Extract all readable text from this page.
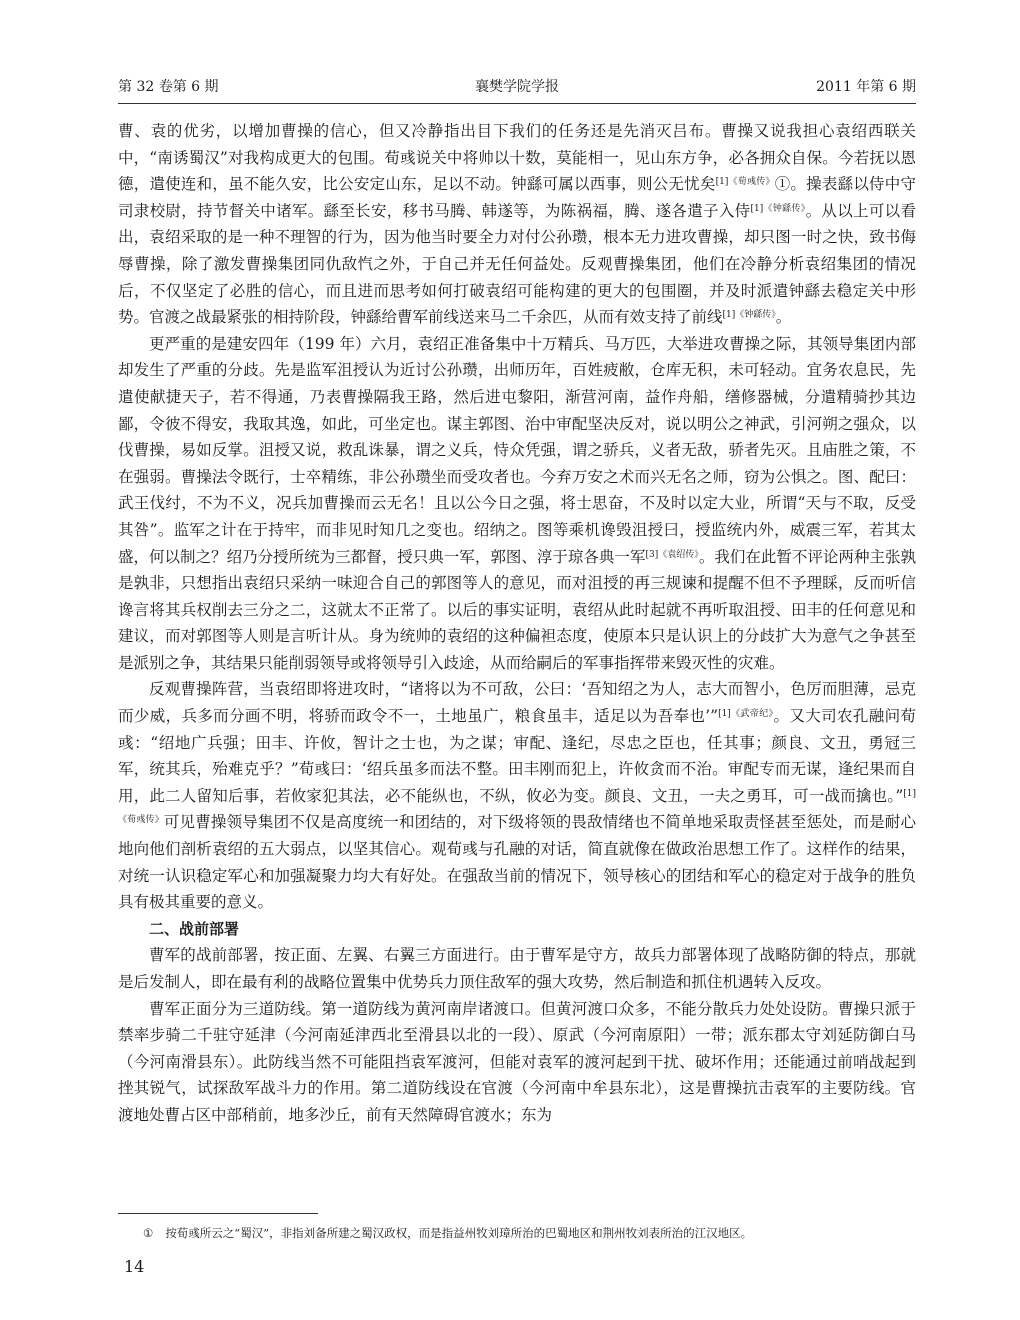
第 32 卷第 6 期	襄樊学院学报	2011 年第 6 期

曹、袁的优劣，以增加曹操的信心，但又冷静指出目下我们的任务还是先消灭吕布。曹操又说我担心袁绍西联关中，“南诱蜀汉”对我构成更大的包围。荀彧说关中将帅以十数，莫能相一，见山东方争，必各拥众自保。今若抚以恩德，遣使连和，虽不能久安，比公安定山东，足以不动。钟繇可属以西事，则公无忧矣$^{[1]《荀彧传》}$①。操表繇以侍中守司隶校尉，持节督关中诸军。繇至长安，移书马腾、韩遂等，为陈祸福，腾、遂各遣子入侍$^{[1]《钟繇传》}$。从以上可以看出，袁绍采取的是一种不理智的行为，因为他当时要全力对付公孙瓒，根本无力进攻曹操，却只图一时之快，致书侮辱曹操，除了激发曹操集团同仇敌忾之外，于自己并无任何益处。反观曹操集团，他们在冷静分析袁绍集团的情况后，不仅坚定了必胜的信心，而且进而思考如何打破袁绍可能构建的更大的包围圈，并及时派遣钟繇去稳定关中形势。官渡之战最紧张的相持阶段，钟繇给曹军前线送来马二千余匹，从而有效支持了前线$^{[1]《钟繇传》}$。

更严重的是建安四年（199 年）六月，袁绍正准备集中十万精兵、马万匹，大举进攻曹操之际，其领导集团内部却发生了严重的分歧。先是监军沮授认为近讨公孙瓒，出师历年，百姓疲敝，仓库无积，未可轻动。宜务农息民，先遣使献捷天子，若不得通，乃表曹操隔我王路，然后进屯黎阳，渐营河南，益作舟船，缮修器械，分遣精骑抄其边鄙，令彼不得安，我取其逸，如此，可坐定也。谋主郭图、治中审配坚决反对，说以明公之神武，引河朔之强众，以伐曹操，易如反掌。沮授又说，救乱诛暴，谓之义兵，恃众凭强，谓之骄兵，义者无敌，骄者先灭。且庙胜之策，不在强弱。曹操法令既行，士卒精练，非公孙瓒坐而受攻者也。今弃万安之术而兴无名之师，窃为公惧之。图、配曰：武王伐纣，不为不义，况兵加曹操而云无名！且以公今日之强，将士思奋，不及时以定大业，所谓“天与不取，反受其咎”。监军之计在于持牢，而非见时知几之变也。绍纳之。图等乘机谗毁沮授曰，授监统内外，威震三军，若其太盛，何以制之？绍乃分授所统为三都督，授只典一军，郭图、淳于琼各典一军$^{[3]《袁绍传》}$。我们在此暂不评论两种主张孰是孰非，只想指出袁绍只采纳一味迎合自己的郭图等人的意见，而对沮授的再三规谏和提醒不但不予理睬，反而听信谗言将其兵权削去三分之二，这就太不正常了。以后的事实证明，袁绍从此时起就不再听取沮授、田丰的任何意见和建议，而对郭图等人则是言听计从。身为统帅的袁绍的这种偏袒态度，使原本只是认识上的分歧扩大为意气之争甚至是派别之争，其结果只能削弱领导或将领导引入歧途，从而给嗣后的军事指挥带来毁灭性的灾难。

反观曹操阵营，当袁绍即将进攻时，“诸将以为不可敌，公曰：‘吾知绍之为人，志大而智小，色厉而胆薄，忌克而少威，兵多而分画不明，将骄而政令不一，土地虽广，粮食虽丰，适足以为吾奉也’”$^{[1]《武帝纪》}$。又大司农孔融问荀彧：“绍地广兵强；田丰、许攸，智计之士也，为之谋；审配、逢纪，尽忠之臣也，任其事；颜良、文丑，勇冠三军，统其兵，殆难克乎？”荀彧曰：‘绍兵虽多而法不整。田丰刚而犯上，许攸贪而不治。审配专而无谋，逢纪果而自用，此二人留知后事，若攸家犯其法，必不能纵也，不纵，攸必为变。颜良、文丑，一夫之勇耳，可一战而擒也。”$^{[1]《荀彧传》}$可见曹操领导集团不仅是高度统一和团结的，对下级将领的畏敌情绪也不简单地采取责怪甚至惩处，而是耐心地向他们剖析袁绍的五大弱点，以坚其信心。观荀彧与孔融的对话，简直就像在做政治思想工作了。这样作的结果，对统一认识稳定军心和加强凝聚力均大有好处。在强敌当前的情况下，领导核心的团结和军心的稳定对于战争的胜负具有极其重要的意义。

二、战前部署

曹军的战前部署，按正面、左翼、右翼三方面进行。由于曹军是守方，故兵力部署体现了战略防御的特点，那就是后发制人，即在最有利的战略位置集中优势兵力顶住敌军的强大攻势，然后制造和抓住机遇转入反攻。

曹军正面分为三道防线。第一道防线为黄河南岸诸渡口。但黄河渡口众多，不能分散兵力处处设防。曹操只派于禁率步骑二千驻守延津（今河南延津西北至滑县以北的一段）、原武（今河南原阳）一带；派东郡太守刘延防御白马（今河南滑县东）。此防线当然不可能阻挡袁军渡河，但能对袁军的渡河起到干扰、破坏作用；还能通过前哨战起到挫其锐气，试探敌军战斗力的作用。第二道防线设在官渡（今河南中牟县东北），这是曹操抗击袁军的主要防线。官渡地处曹占区中部稍前，地多沙丘，前有天然障碍官渡水；东为

① 按荀彧所云之“蜀汉”，非指刘备所建之蜀汉政权，而是指益州牧刘璋所治的巴蜀地区和荆州牧刘表所治的江汉地区。
14
